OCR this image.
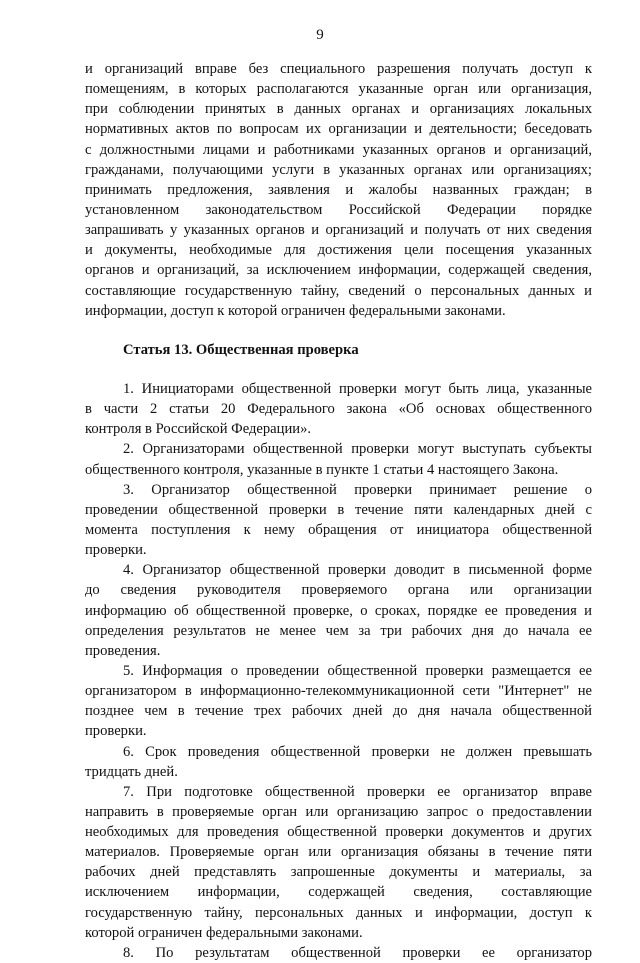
9
и организаций вправе без специального разрешения получать доступ к
помещениям, в которых располагаются указанные орган или организация,
при соблюдении принятых в данных органах и организациях локальных
нормативных актов по вопросам их организации и деятельности; беседовать
с должностными лицами и работниками указанных органов и организаций,
гражданами, получающими услуги в указанных органах или организациях;
принимать предложения, заявления и жалобы названных граждан; в
установленном законодательством Российской Федерации порядке
запрашивать у указанных органов и организаций и получать от них сведения
и документы, необходимые для достижения цели посещения указанных
органов и организаций, за исключением информации, содержащей сведения,
составляющие государственную тайну, сведений о персональных данных и
информации, доступ к которой ограничен федеральными законами.
Статья 13. Общественная проверка
1. Инициаторами общественной проверки могут быть лица, указанные
в части 2 статьи 20 Федерального закона «Об основах общественного
контроля в Российской Федерации».
2. Организаторами общественной проверки могут выступать субъекты
общественного контроля, указанные в пункте 1 статьи 4 настоящего Закона.
3. Организатор общественной проверки принимает решение о
проведении общественной проверки в течение пяти календарных дней с
момента поступления к нему обращения от инициатора общественной
проверки.
4. Организатор общественной проверки доводит в письменной форме
до сведения руководителя проверяемого органа или организации
информацию об общественной проверке, о сроках, порядке ее проведения и
определения результатов не менее чем за три рабочих дня до начала ее
проведения.
5. Информация о проведении общественной проверки размещается ее
организатором в информационно-телекоммуникационной сети "Интернет" не
позднее чем в течение трех рабочих дней до дня начала общественной
проверки.
6. Срок проведения общественной проверки не должен превышать
тридцать дней.
7. При подготовке общественной проверки ее организатор вправе
направить в проверяемые орган или организацию запрос о предоставлении
необходимых для проведения общественной проверки документов и других
материалов. Проверяемые орган или организация обязаны в течение пяти
рабочих дней представлять запрошенные документы и материалы, за
исключением информации, содержащей сведения, составляющие
государственную тайну, персональных данных и информации, доступ к
которой ограничен федеральными законами.
8. По результатам общественной проверки ее организатор
